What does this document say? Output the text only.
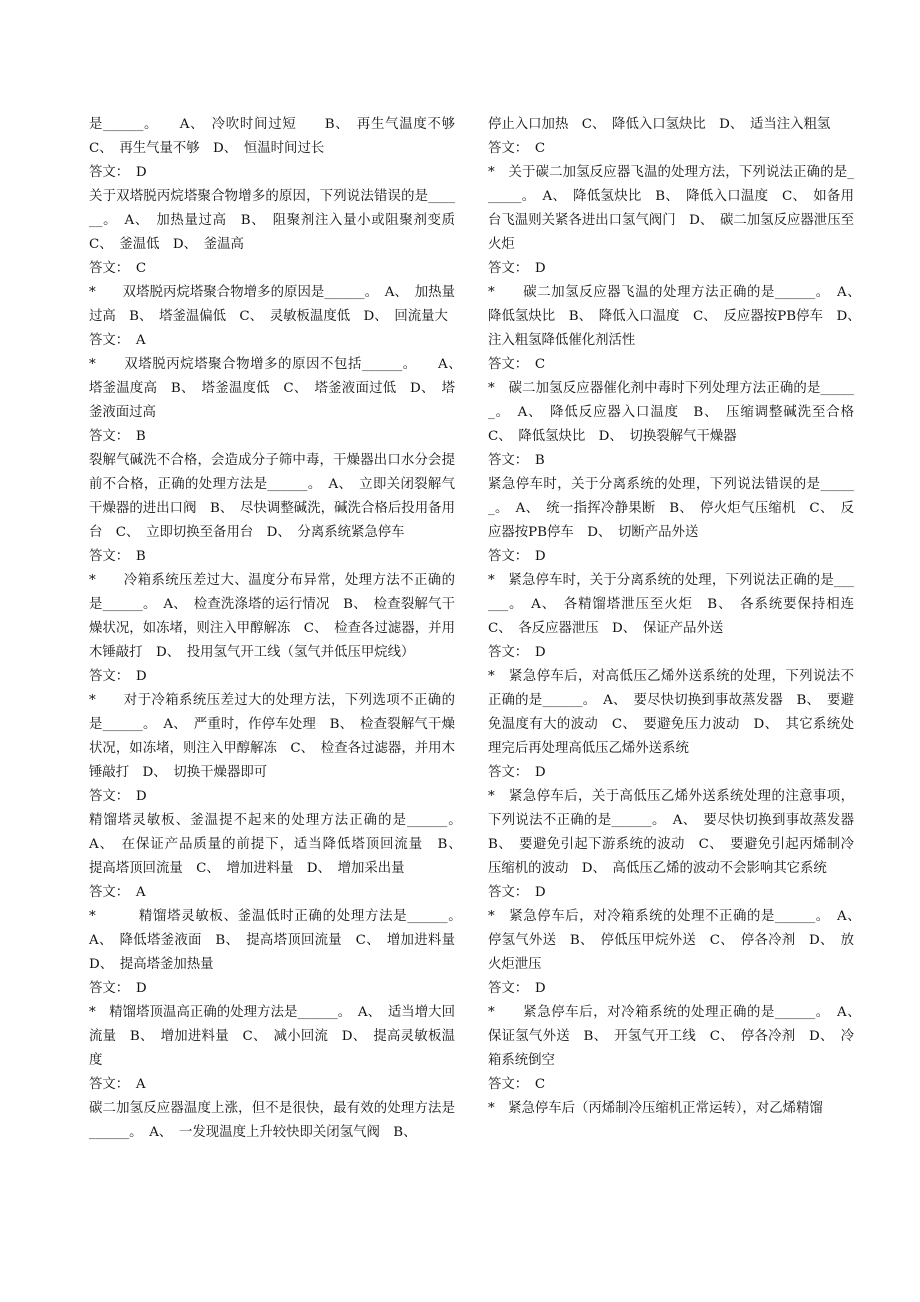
是______。　　A、　冷吹时间过短　　B、　再生气温度不够　C、　再生气量不够　D、　恒温时间过长

答文：　D

关于双塔脱丙烷塔聚合物增多的原因，下列说法错误的是______。　A、　加热量过高　B、　阻聚剂注入量小或阻聚剂变质　C、　釜温低　D、　釜温高

答文：　C

*　　双塔脱丙烷塔聚合物增多的原因是______。　A、　加热量过高　B、　塔釜温偏低　C、　灵敏板温度低　D、　回流量大

答文：　A

*　　双塔脱丙烷塔聚合物增多的原因不包括______。　　A、　塔釜温度高　B、　塔釜温度低　C、　塔釜液面过低　D、　塔釜液面过高

答文：　B

裂解气碱洗不合格，会造成分子筛中毒，干燥器出口水分会提前不合格，正确的处理方法是______。　A、　立即关闭裂解气干燥器的进出口阀　B、　尽快调整碱洗，碱洗合格后投用备用台　C、　立即切换至备用台　D、　分离系统紧急停车

答文：　B

*　　冷箱系统压差过大、温度分布异常，处理方法不正确的是______。　A、　检查洗涤塔的运行情况　B、　检查裂解气干燥状况，如冻堵，则注入甲醇解冻　C、　检查各过滤器，并用木锤敲打　D、　投用氢气开工线（氢气并低压甲烷线）

答文：　D

*　　对于冷箱系统压差过大的处理方法，下列选项不正确的是______。　A、　严重时，作停车处理　B、　检查裂解气干燥状况，如冻堵，则注入甲醇解冻　C、　检查各过滤器，并用木锤敲打　D、　切换干燥器即可

答文：　D

精馏塔灵敏板、釜温提不起来的处理方法正确的是______。　A、　在保证产品质量的前提下，适当降低塔顶回流量　B、　提高塔顶回流量　C、　增加进料量　D、　增加采出量

答文：　A

*　　　精馏塔灵敏板、釜温低时正确的处理方法是______。　A、　降低塔釜液面　B、　提高塔顶回流量　C、　增加进料量　D、　提高塔釜加热量

答文：　D

*　精馏塔顶温高正确的处理方法是______。　A、　适当增大回流量　B、　增加进料量　C、　减小回流　D、　提高灵敏板温度

答文：　A

碳二加氢反应器温度上涨，但不是很快，最有效的处理方法是______。　A、　一发现温度上升较快即关闭氢气阀　B、

停止入口加热　C、　降低入口氢炔比　D、　适当注入粗氢

答文：　C

*　关于碳二加氢反应器飞温的处理方法，下列说法正确的是______。　A、　降低氢炔比　B、　降低入口温度　C、　如备用台飞温则关紧各进出口氢气阀门　D、　碳二加氢反应器泄压至火炬

答文：　D

*　　碳二加氢反应器飞温的处理方法正确的是______。　A、　降低氢炔比　B、　降低入口温度　C、　反应器按PB停车　D、　注入粗氢降低催化剂活性

答文：　C

*　碳二加氢反应器催化剂中毒时下列处理方法正确的是______。　A、　降低反应器入口温度　B、　压缩调整碱洗至合格　C、　降低氢炔比　D、　切换裂解气干燥器

答文：　B

紧急停车时，关于分离系统的处理，下列说法错误的是______。　A、　统一指挥冷静果断　B、　停火炬气压缩机　C、　反应器按PB停车　D、　切断产品外送

答文：　D

*　紧急停车时，关于分离系统的处理，下列说法正确的是______。　A、　各精馏塔泄压至火炬　B、　各系统要保持相连　C、　各反应器泄压　D、　保证产品外送

答文：　D

*　紧急停车后，对高低压乙烯外送系统的处理，下列说法不正确的是______。　A、　要尽快切换到事故蒸发器　B、　要避免温度有大的波动　C、　要避免压力波动　D、　其它系统处理完后再处理高低压乙烯外送系统

答文：　D

*　紧急停车后，关于高低压乙烯外送系统处理的注意事项，下列说法不正确的是______。　A、　要尽快切换到事故蒸发器　B、　要避免引起下游系统的波动　C、　要避免引起丙烯制冷压缩机的波动　D、　高低压乙烯的波动不会影响其它系统

答文：　D

*　紧急停车后，对冷箱系统的处理不正确的是______。　A、　停氢气外送　B、　停低压甲烷外送　C、　停各冷剂　D、　放火炬泄压

答文：　D

*　　紧急停车后，对冷箱系统的处理正确的是______。　A、　保证氢气外送　B、　开氢气开工线　C、　停各冷剂　D、　冷箱系统倒空

答文：　C

*　紧急停车后（丙烯制冷压缩机正常运转），对乙烯精馏
